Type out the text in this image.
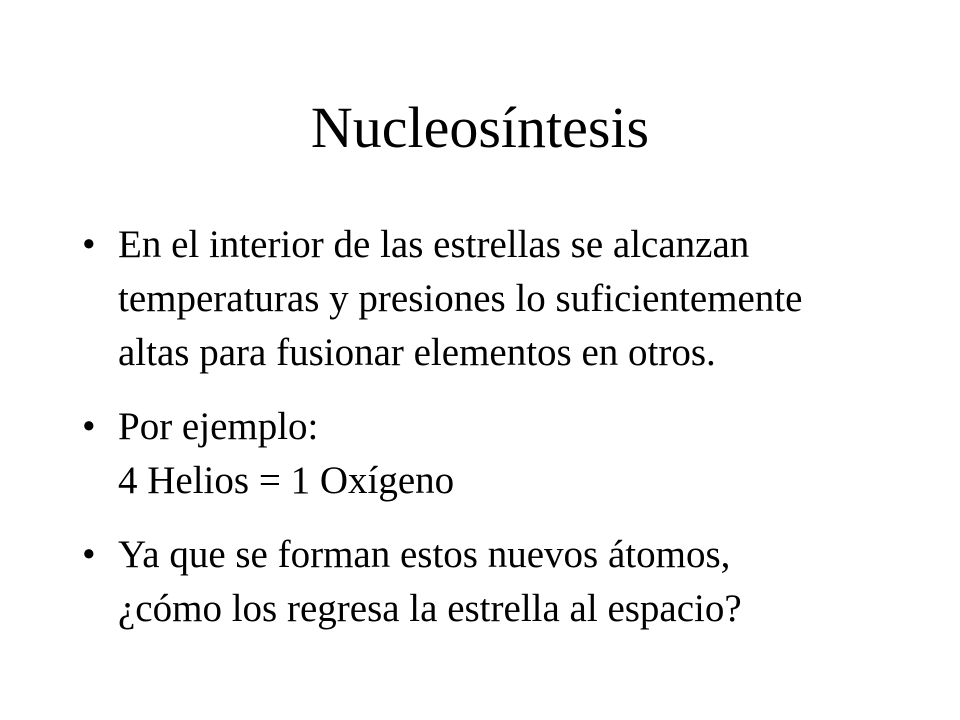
Nucleosíntesis
• En el interior de las estrellas se alcanzan
temperaturas y presiones lo suficientemente
altas para fusionar elementos en otros.
• Por ejemplo:
4 Helios = 1 Oxígeno
• Ya que se forman estos nuevos átomos,
¿cómo los regresa la estrella al espacio?
